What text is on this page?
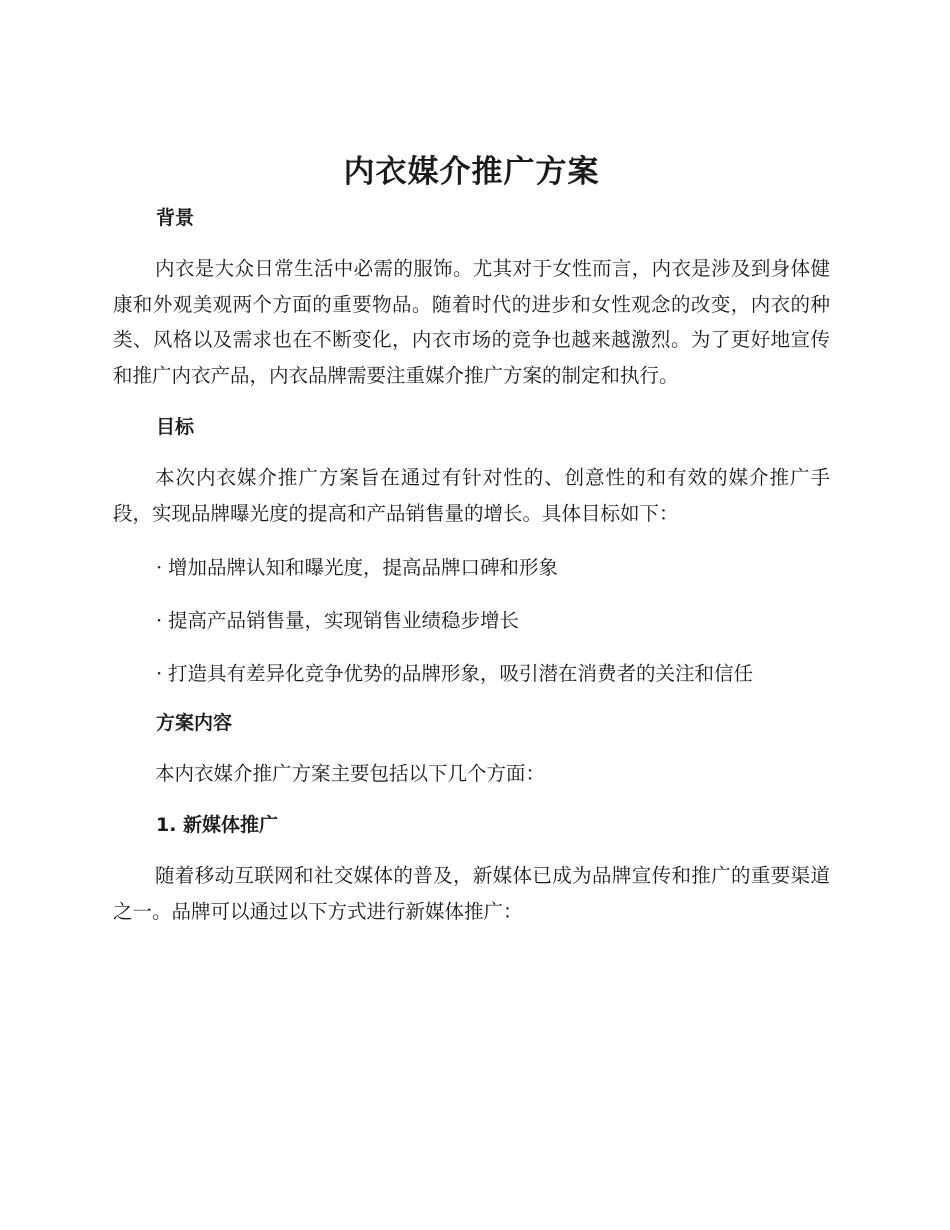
内衣媒介推广方案
背景

内衣是大众日常生活中必需的服饰。尤其对于女性而言，内衣是涉及到身体健康和外观美观两个方面的重要物品。随着时代的进步和女性观念的改变，内衣的种类、风格以及需求也在不断变化，内衣市场的竞争也越来越激烈。为了更好地宣传和推广内衣产品，内衣品牌需要注重媒介推广方案的制定和执行。

目标

本次内衣媒介推广方案旨在通过有针对性的、创意性的和有效的媒介推广手段，实现品牌曝光度的提高和产品销售量的增长。具体目标如下：

· 增加品牌认知和曝光度，提高品牌口碑和形象

· 提高产品销售量，实现销售业绩稳步增长

· 打造具有差异化竞争优势的品牌形象，吸引潜在消费者的关注和信任

方案内容

本内衣媒介推广方案主要包括以下几个方面：

1. 新媒体推广

随着移动互联网和社交媒体的普及，新媒体已成为品牌宣传和推广的重要渠道之一。品牌可以通过以下方式进行新媒体推广：
